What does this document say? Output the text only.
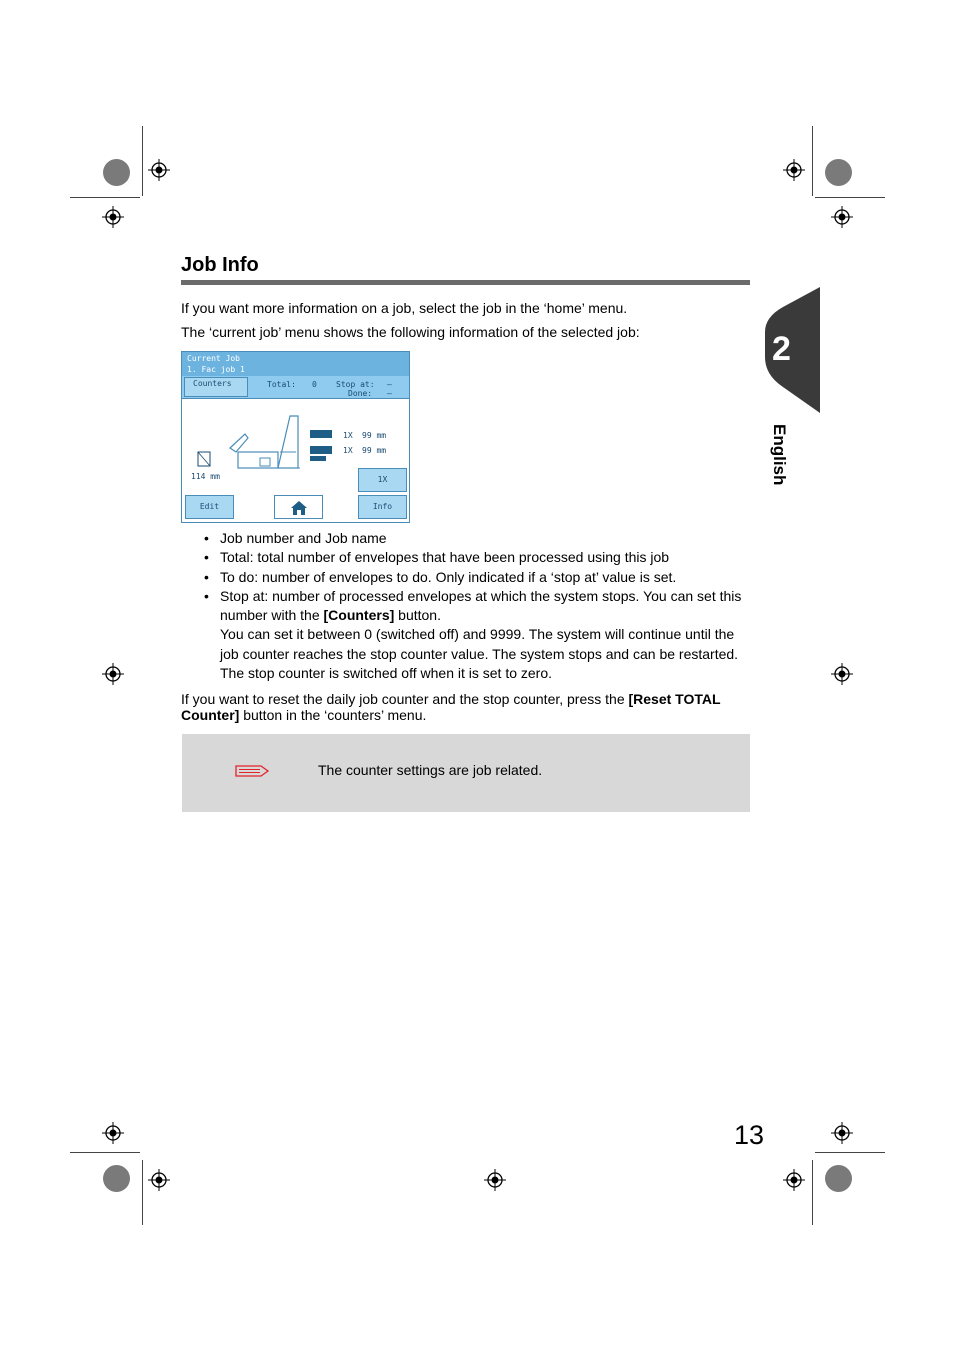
Job Info
If you want more information on a job, select the job in the ‘home’ menu.
The ‘current job’ menu shows the following information of the selected job:
Current Job
1. Fac job 1
Counters	Total: 0 Stop at: –
Done: –
1X 99 mm
1X 99 mm
114 mm	1X
Edit	Info
• Job number and Job name
• Total: total number of envelopes that have been processed using this job
• To do: number of envelopes to do. Only indicated if a ‘stop at’ value is set.
• Stop at: number of processed envelopes at which the system stops. You can set this
number with the [Counters] button.
You can set it between 0 (switched off) and 9999. The system will continue until the
job counter reaches the stop counter value. The system stops and can be restarted.
The stop counter is switched off when it is set to zero.
If you want to reset the daily job counter and the stop counter, press the [Reset TOTAL
Counter] button in the ‘counters’ menu.
The counter settings are job related.
2
English
13
